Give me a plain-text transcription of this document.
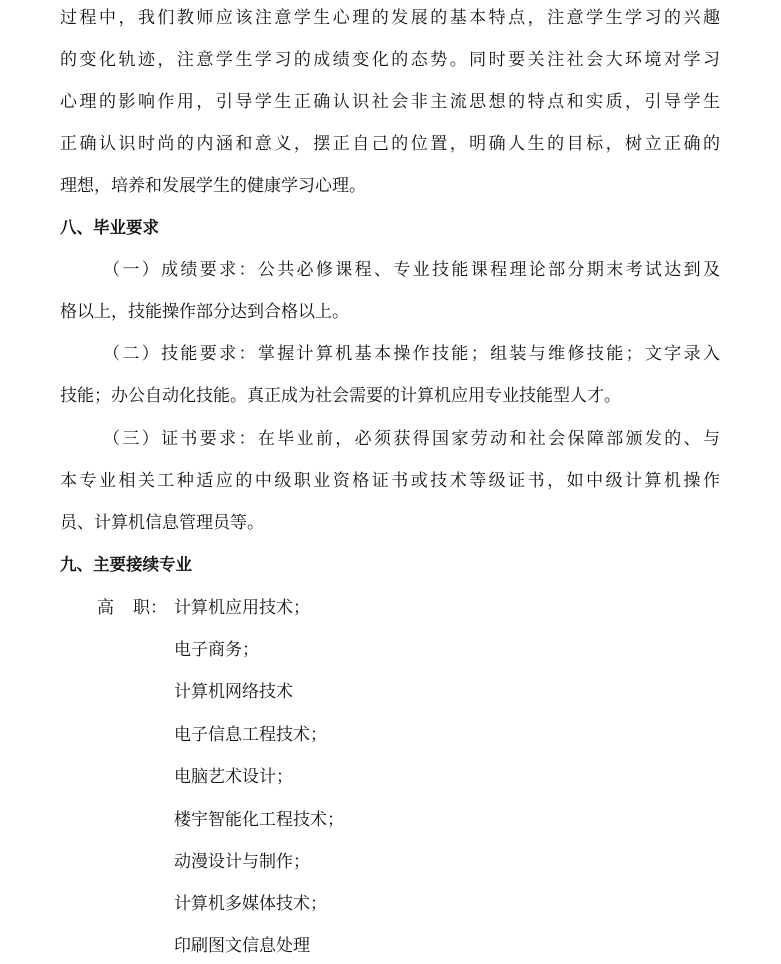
过程中，我们教师应该注意学生心理的发展的基本特点，注意学生学习的兴趣
的变化轨迹，注意学生学习的成绩变化的态势。同时要关注社会大环境对学习
心理的影响作用，引导学生正确认识社会非主流思想的特点和实质，引导学生
正确认识时尚的内涵和意义，摆正自己的位置，明确人生的目标，树立正确的
理想，培养和发展学生的健康学习心理。
八、毕业要求
（一）成绩要求：公共必修课程、专业技能课程理论部分期末考试达到及
格以上，技能操作部分达到合格以上。
（二）技能要求：掌握计算机基本操作技能；组装与维修技能；文字录入
技能；办公自动化技能。真正成为社会需要的计算机应用专业技能型人才。
（三）证书要求：在毕业前，必须获得国家劳动和社会保障部颁发的、与
本专业相关工种适应的中级职业资格证书或技术等级证书，如中级计算机操作
员、计算机信息管理员等。
九、主要接续专业
高 职： 计算机应用技术；
电子商务；
计算机网络技术
电子信息工程技术；
电脑艺术设计；
楼宇智能化工程技术；
动漫设计与制作；
计算机多媒体技术；
印刷图文信息处理
